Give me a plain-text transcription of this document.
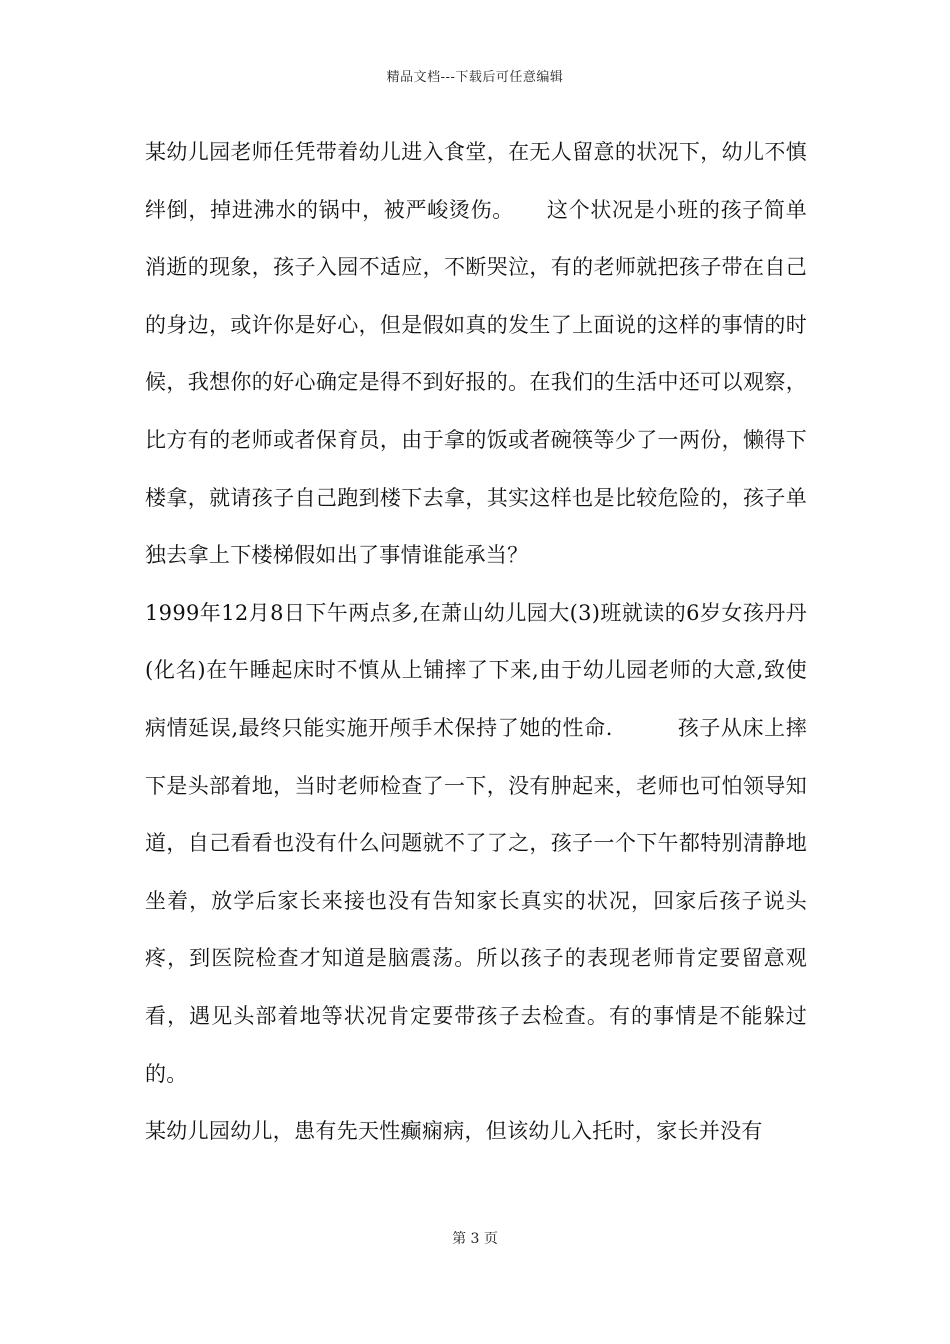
精品文档---下载后可任意编辑

某幼儿园老师任凭带着幼儿进入食堂，在无人留意的状况下，幼儿不慎绊倒，掉进沸水的锅中，被严峻烫伤。　　这个状况是小班的孩子简单消逝的现象，孩子入园不适应，不断哭泣，有的老师就把孩子带在自己的身边，或许你是好心，但是假如真的发生了上面说的这样的事情的时候，我想你的好心确定是得不到好报的。在我们的生活中还可以观察，比方有的老师或者保育员，由于拿的饭或者碗筷等少了一两份，懒得下楼拿，就请孩子自己跑到楼下去拿，其实这样也是比较危险的，孩子单独去拿上下楼梯假如出了事情谁能承当？

1999年12月8日下午两点多,在萧山幼儿园大(3)班就读的6岁女孩丹丹(化名)在午睡起床时不慎从上铺摔了下来,由于幼儿园老师的大意,致使病情延误,最终只能实施开颅手术保持了她的性命.　　　孩子从床上摔下是头部着地，当时老师检查了一下，没有肿起来，老师也可怕领导知道，自己看看也没有什么问题就不了了之，孩子一个下午都特别清静地坐着，放学后家长来接也没有告知家长真实的状况，回家后孩子说头疼，到医院检查才知道是脑震荡。所以孩子的表现老师肯定要留意观看，遇见头部着地等状况肯定要带孩子去检查。有的事情是不能躲过的。

某幼儿园幼儿，患有先天性癫痫病，但该幼儿入托时，家长并没有

第 3 页
